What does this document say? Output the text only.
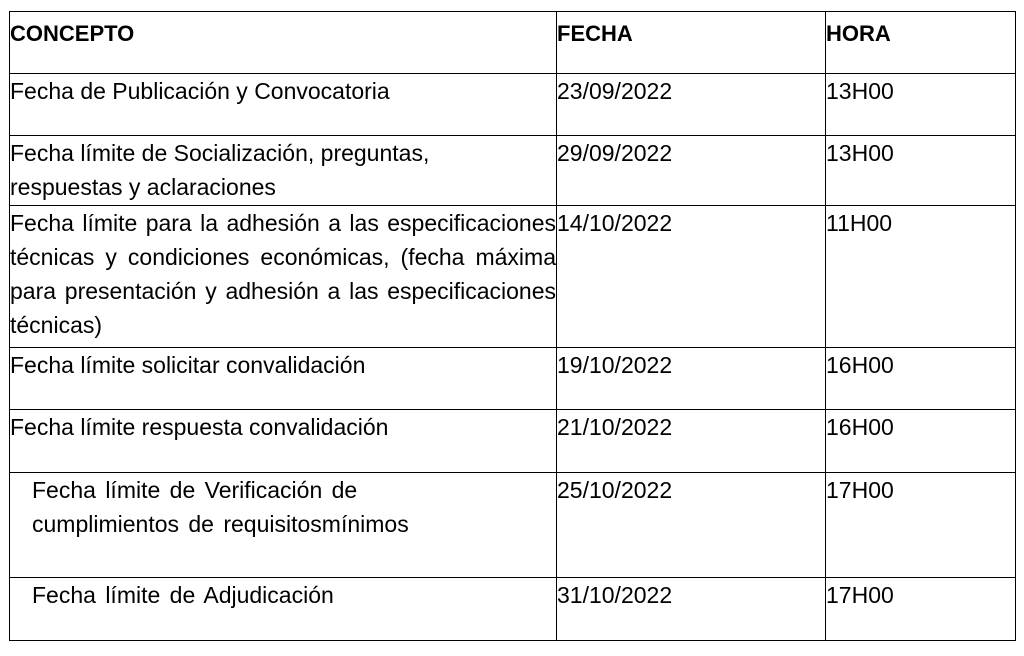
CONCEPTO	FECHA	HORA
Fecha de Publicación y Convocatoria	23/09/2022	13H00
Fecha límite de Socialización, preguntas, respuestas y aclaraciones	29/09/2022	13H00
Fecha límite para la adhesión a las especificaciones técnicas y condiciones económicas, (fecha máxima para presentación y adhesión a las especificaciones técnicas)	14/10/2022	11H00
Fecha límite solicitar convalidación	19/10/2022	16H00
Fecha límite respuesta convalidación	21/10/2022	16H00
Fecha límite de Verificación de cumplimientos de requisitosmínimos	25/10/2022	17H00
Fecha límite de Adjudicación	31/10/2022	17H00
